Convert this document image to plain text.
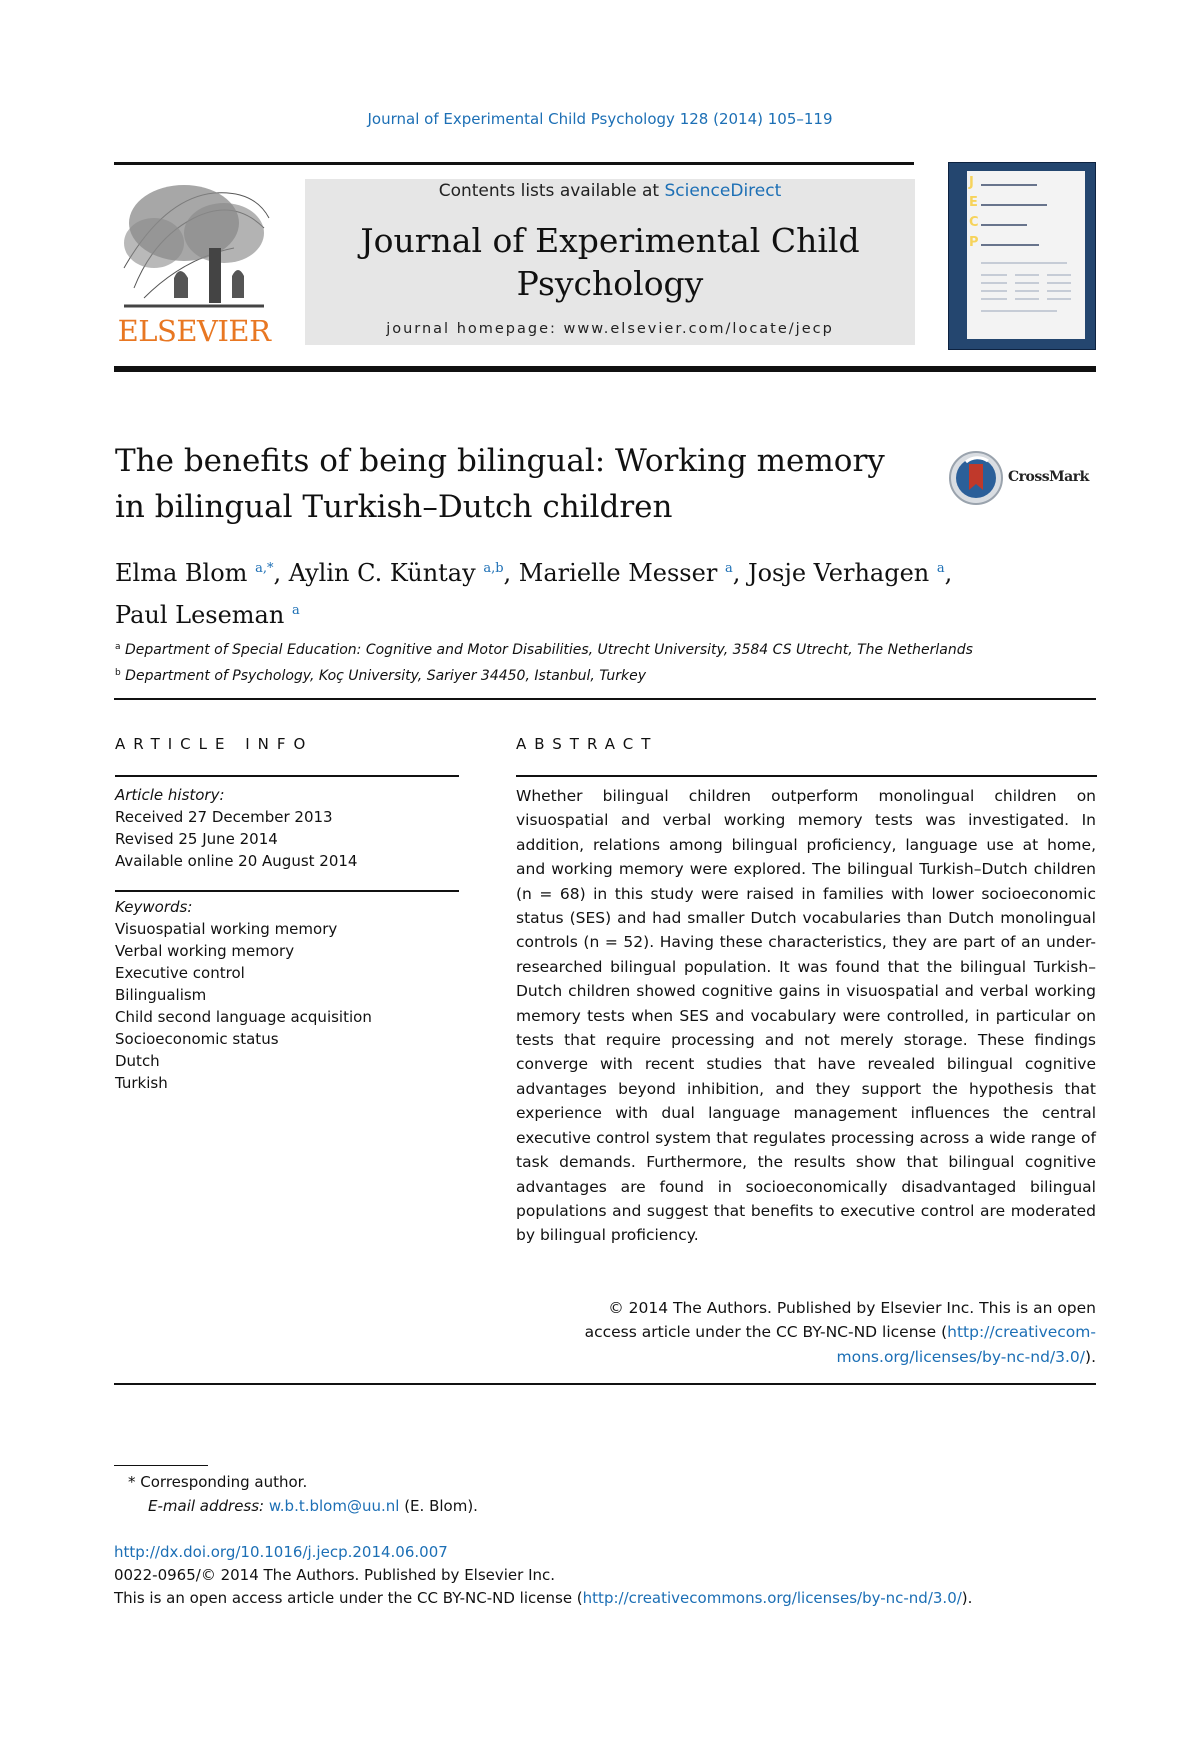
Journal of Experimental Child Psychology 128 (2014) 105–119
ELSEVIER
Contents lists available at ScienceDirect
Journal of Experimental Child
Psychology
journal homepage: www.elsevier.com/locate/jecp
J
E
C
P
The benefits of being bilingual: Working memory
in bilingual Turkish–Dutch children
CrossMark
Elma Blom $^{a,*}$, Aylin C. Küntay $^{a,b}$, Marielle Messer $^a$, Josje Verhagen $^a$,
Paul Leseman $^a$
$^a$ Department of Special Education: Cognitive and Motor Disabilities, Utrecht University, 3584 CS Utrecht, The Netherlands
$^b$ Department of Psychology, Koç University, Sariyer 34450, Istanbul, Turkey
ARTICLE INFO	ABSTRACT
Article history:
Received 27 December 2013
Revised 25 June 2014
Available online 20 August 2014
Keywords:
Visuospatial working memory
Verbal working memory
Executive control
Bilingualism
Child second language acquisition
Socioeconomic status
Dutch
Turkish
Whether bilingual children outperform monolingual children on visuospatial and verbal working memory tests was investigated. In addition, relations among bilingual proficiency, language use at home, and working memory were explored. The bilingual Turkish–Dutch children (n = 68) in this study were raised in families with lower socioeconomic status (SES) and had smaller Dutch vocabularies than Dutch monolingual controls (n = 52). Having these characteristics, they are part of an under-researched bilingual population. It was found that the bilingual Turkish–Dutch children showed cognitive gains in visuospatial and verbal working memory tests when SES and vocabulary were controlled, in particular on tests that require processing and not merely storage. These findings converge with recent studies that have revealed bilingual cognitive advantages beyond inhibition, and they support the hypothesis that experience with dual language management influences the central executive control system that regulates processing across a wide range of task demands. Furthermore, the results show that bilingual cognitive advantages are found in socioeconomically disadvantaged bilingual populations and suggest that benefits to executive control are moderated by bilingual proficiency.
© 2014 The Authors. Published by Elsevier Inc. This is an open
access article under the CC BY-NC-ND license (http://creativecom-
mons.org/licenses/by-nc-nd/3.0/).
* Corresponding author.
E-mail address: w.b.t.blom@uu.nl (E. Blom).
http://dx.doi.org/10.1016/j.jecp.2014.06.007
0022-0965/© 2014 The Authors. Published by Elsevier Inc.
This is an open access article under the CC BY-NC-ND license (http://creativecommons.org/licenses/by-nc-nd/3.0/).
